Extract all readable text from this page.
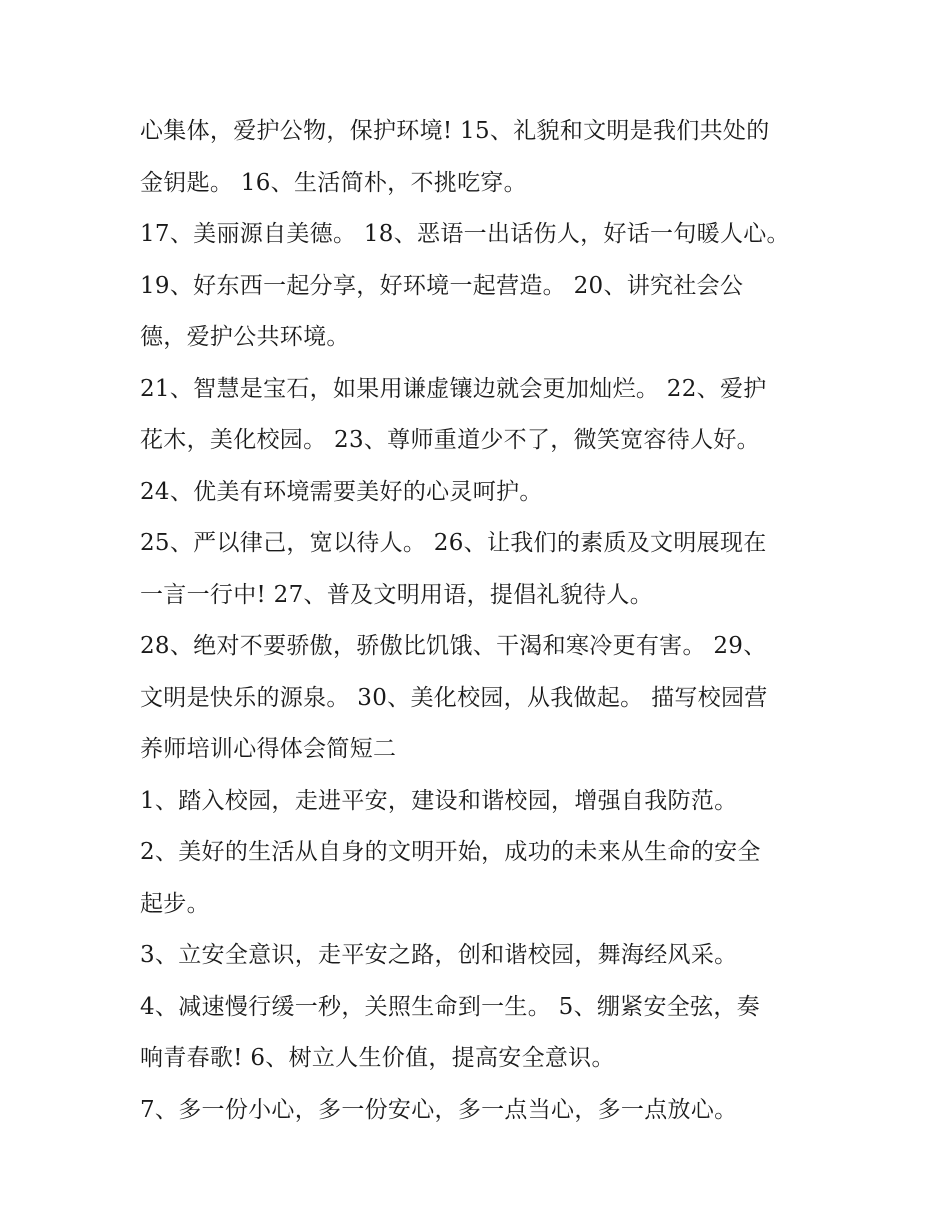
心集体，爱护公物，保护环境! 15、礼貌和文明是我们共处的
金钥匙。 16、生活简朴，不挑吃穿。
17、美丽源自美德。 18、恶语一出话伤人，好话一句暖人心。
19、好东西一起分享，好环境一起营造。 20、讲究社会公
德，爱护公共环境。
21、智慧是宝石，如果用谦虚镶边就会更加灿烂。 22、爱护
花木，美化校园。 23、尊师重道少不了，微笑宽容待人好。
24、优美有环境需要美好的心灵呵护。
25、严以律己，宽以待人。 26、让我们的素质及文明展现在
一言一行中! 27、普及文明用语，提倡礼貌待人。
28、绝对不要骄傲，骄傲比饥饿、干渴和寒冷更有害。 29、
文明是快乐的源泉。 30、美化校园，从我做起。 描写校园营
养师培训心得体会简短二
1、踏入校园，走进平安，建设和谐校园，增强自我防范。
2、美好的生活从自身的文明开始，成功的未来从生命的安全
起步。
3、立安全意识，走平安之路，创和谐校园，舞海经风采。
4、减速慢行缓一秒，关照生命到一生。 5、绷紧安全弦，奏
响青春歌! 6、树立人生价值，提高安全意识。
7、多一份小心，多一份安心，多一点当心，多一点放心。
